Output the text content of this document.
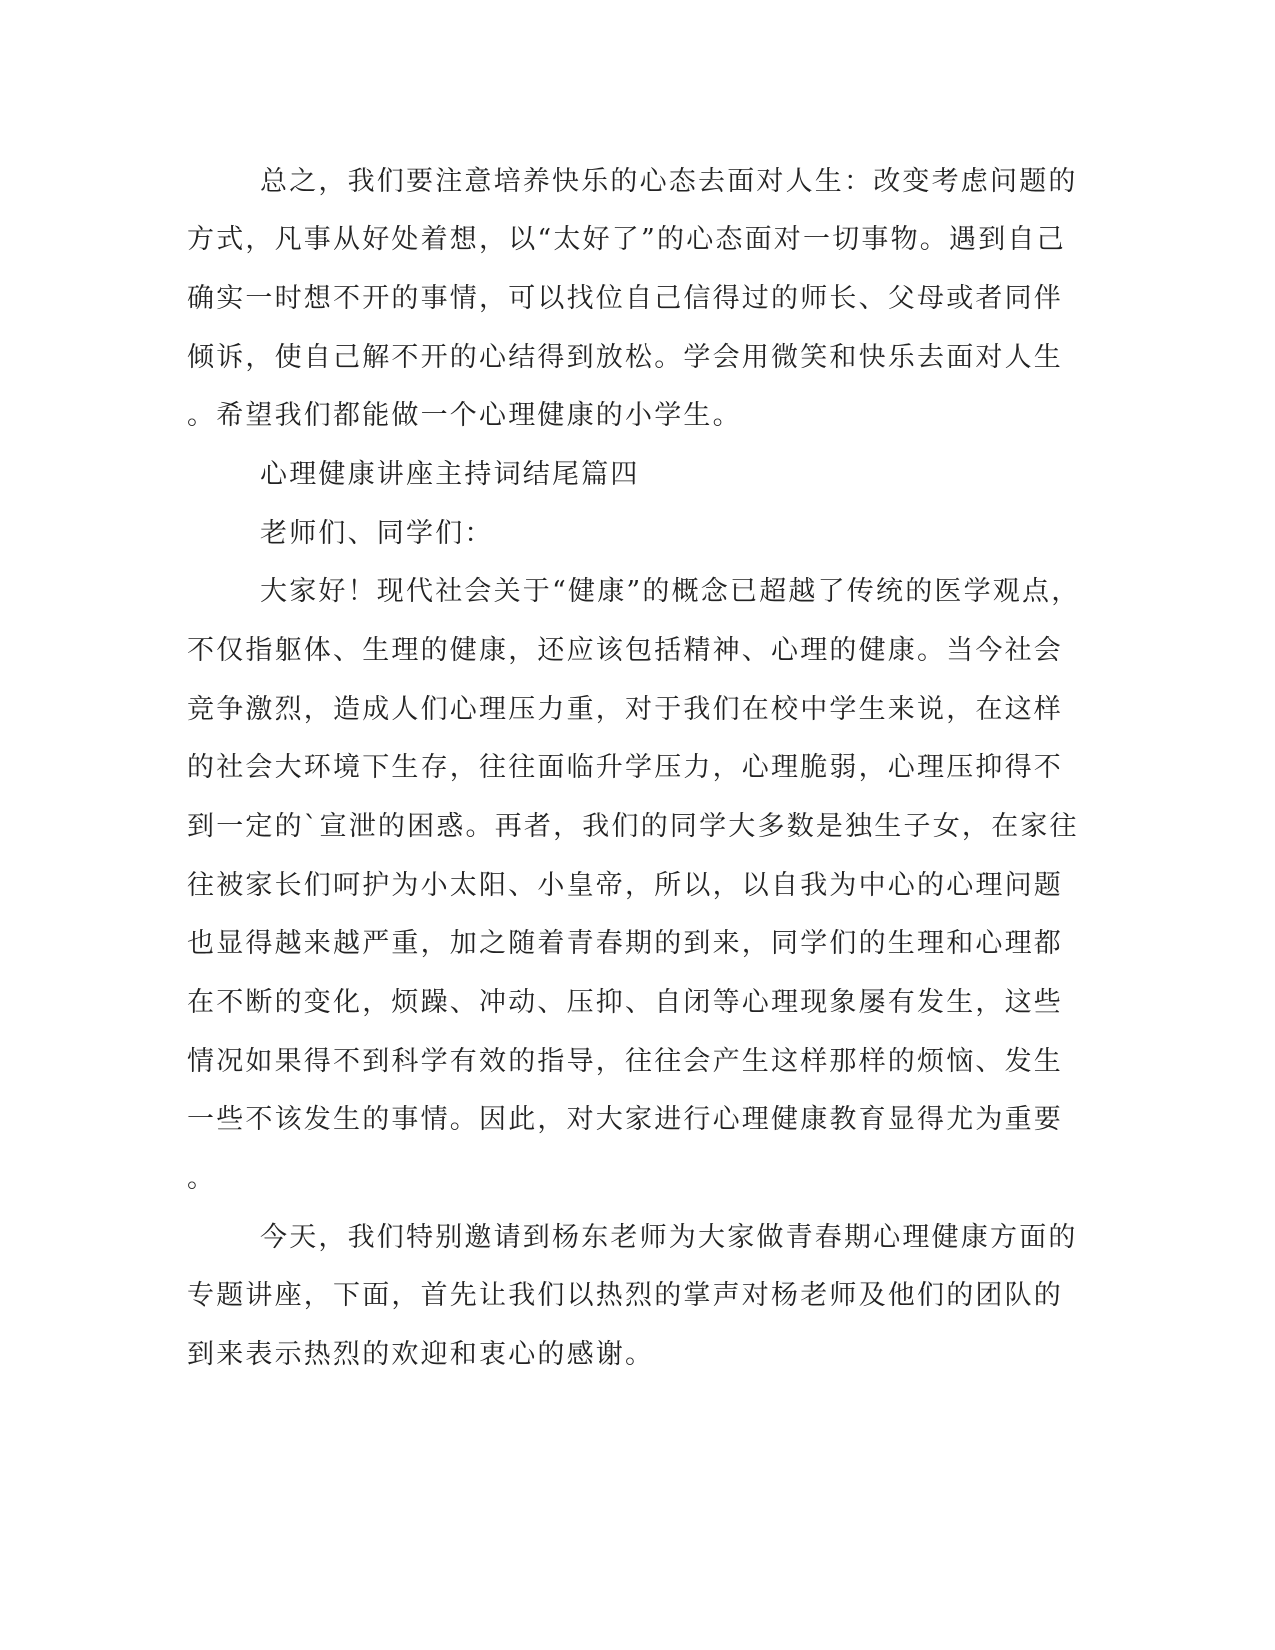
总之，我们要注意培养快乐的心态去面对人生：改变考虑问题的
方式，凡事从好处着想，以“太好了”的心态面对一切事物。遇到自己
确实一时想不开的事情，可以找位自己信得过的师长、父母或者同伴
倾诉，使自己解不开的心结得到放松。学会用微笑和快乐去面对人生
。希望我们都能做一个心理健康的小学生。
心理健康讲座主持词结尾篇四
老师们、同学们：
大家好！现代社会关于“健康”的概念已超越了传统的医学观点，
不仅指躯体、生理的健康，还应该包括精神、心理的健康。当今社会
竞争激烈，造成人们心理压力重，对于我们在校中学生来说，在这样
的社会大环境下生存，往往面临升学压力，心理脆弱，心理压抑得不
到一定的`宣泄的困惑。再者，我们的同学大多数是独生子女，在家往
往被家长们呵护为小太阳、小皇帝，所以，以自我为中心的心理问题
也显得越来越严重，加之随着青春期的到来，同学们的生理和心理都
在不断的变化，烦躁、冲动、压抑、自闭等心理现象屡有发生，这些
情况如果得不到科学有效的指导，往往会产生这样那样的烦恼、发生
一些不该发生的事情。因此，对大家进行心理健康教育显得尤为重要
。
今天，我们特别邀请到杨东老师为大家做青春期心理健康方面的
专题讲座，下面，首先让我们以热烈的掌声对杨老师及他们的团队的
到来表示热烈的欢迎和衷心的感谢。
